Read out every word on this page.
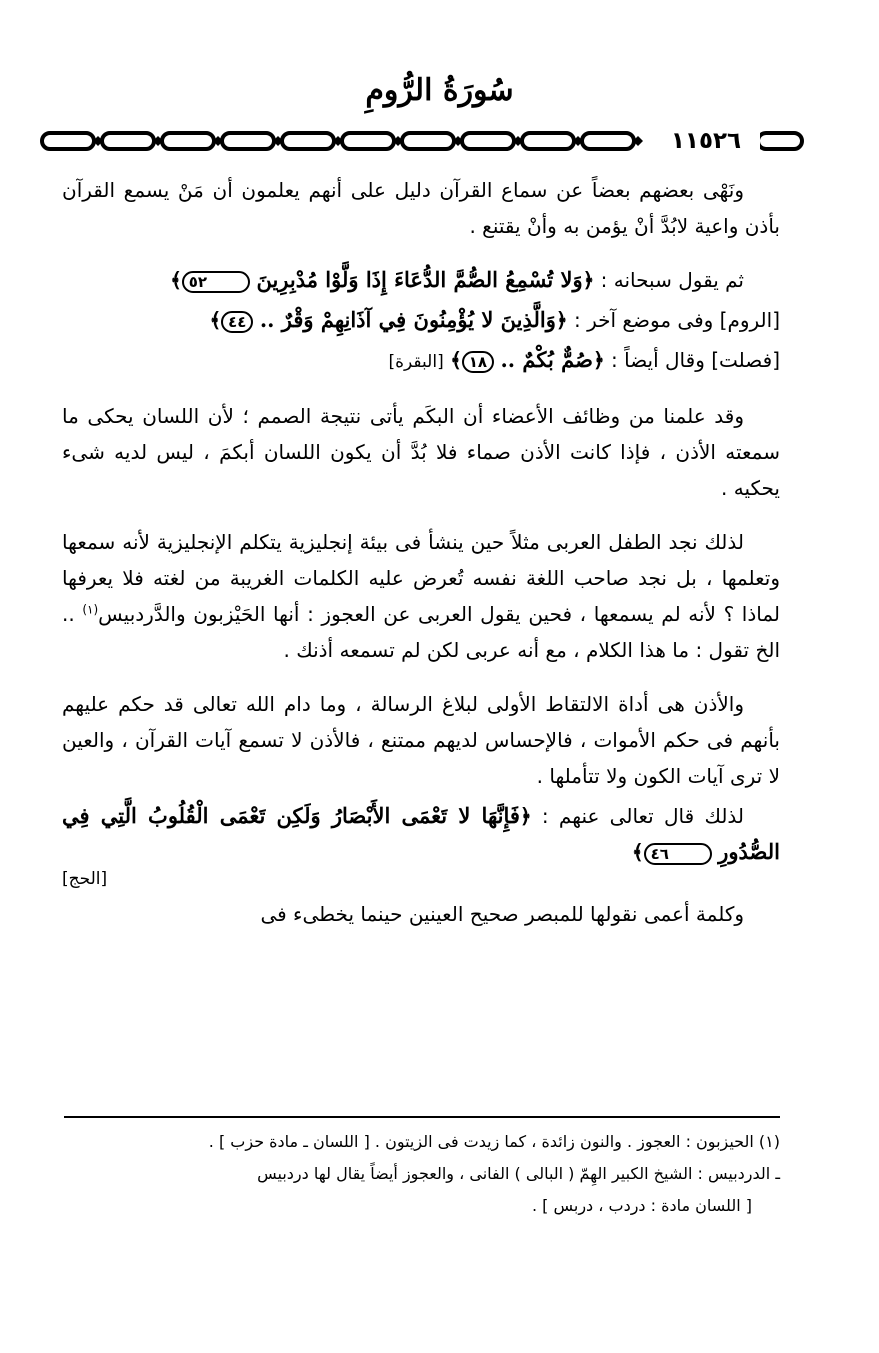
سُورَةُ الرُّومِ
١١٥٢٦

ونَهْى بعضهم بعضاً عن سماع القرآن دليل على أنهم يعلمون أن مَنْ يسمع القرآن بأذن واعية لابُدَّ أنْ يؤمن به وأنْ يقتنع .

ثم يقول سبحانه : ﴿وَلا تُسْمِعُ الصُّمَّ الدُّعَاءَ إِذَا وَلَّوْا مُدْبِرِينَ ٥٢﴾

[الروم] وفى موضع آخر : ﴿وَالَّذِينَ لا يُؤْمِنُونَ فِي آذَانِهِمْ وَقْرٌ .. ٤٤﴾

[فصلت] وقال أيضاً : ﴿صُمٌّ بُكْمٌ .. ١٨﴾ [البقرة]

وقد علمنا من وظائف الأعضاء أن البكَم يأتى نتيجة الصمم ؛ لأن اللسان يحكى ما سمعته الأذن ، فإذا كانت الأذن صماء فلا بُدَّ أن يكون اللسان أبكمَ ، ليس لديه شىء يحكيه .

لذلك نجد الطفل العربى مثلاً حين ينشأ فى بيئة إنجليزية يتكلم الإنجليزية لأنه سمعها وتعلمها ، بل نجد صاحب اللغة نفسه تُعرض عليه الكلمات الغريبة من لغته فلا يعرفها لماذا ؟ لأنه لم يسمعها ، فحين يقول العربى عن العجوز : أنها الحَيْزبون والدَّردبيس$^{(١)}$ .. الخ تقول : ما هذا الكلام ، مع أنه عربى لكن لم تسمعه أذنك .

والأذن هى أداة الالتقاط الأولى لبلاغ الرسالة ، وما دام الله تعالى قد حكم عليهم بأنهم فى حكم الأموات ، فالإحساس لديهم ممتنع ، فالأذن لا تسمع آيات القرآن ، والعين لا ترى آيات الكون ولا تتأملها .

لذلك قال تعالى عنهم : ﴿فَإِنَّهَا لا تَعْمَى الأَبْصَارُ وَلَكِن تَعْمَى الْقُلُوبُ الَّتِي فِي الصُّدُورِ ٤٦﴾
[الحج]

وكلمة أعمى نقولها للمبصر صحيح العينين حينما يخطىء فى

(١) الحيزبون : العجوز . والنون زائدة ، كما زيدت فى الزيتون . [ اللسان ـ مادة حزب ] .

ـ الدردبيس : الشيخ الكبير الهِمّ ( البالى ) الفانى ، والعجوز أيضاً يقال لها دردبيس

[ اللسان مادة : دردب ، دربس ] .
